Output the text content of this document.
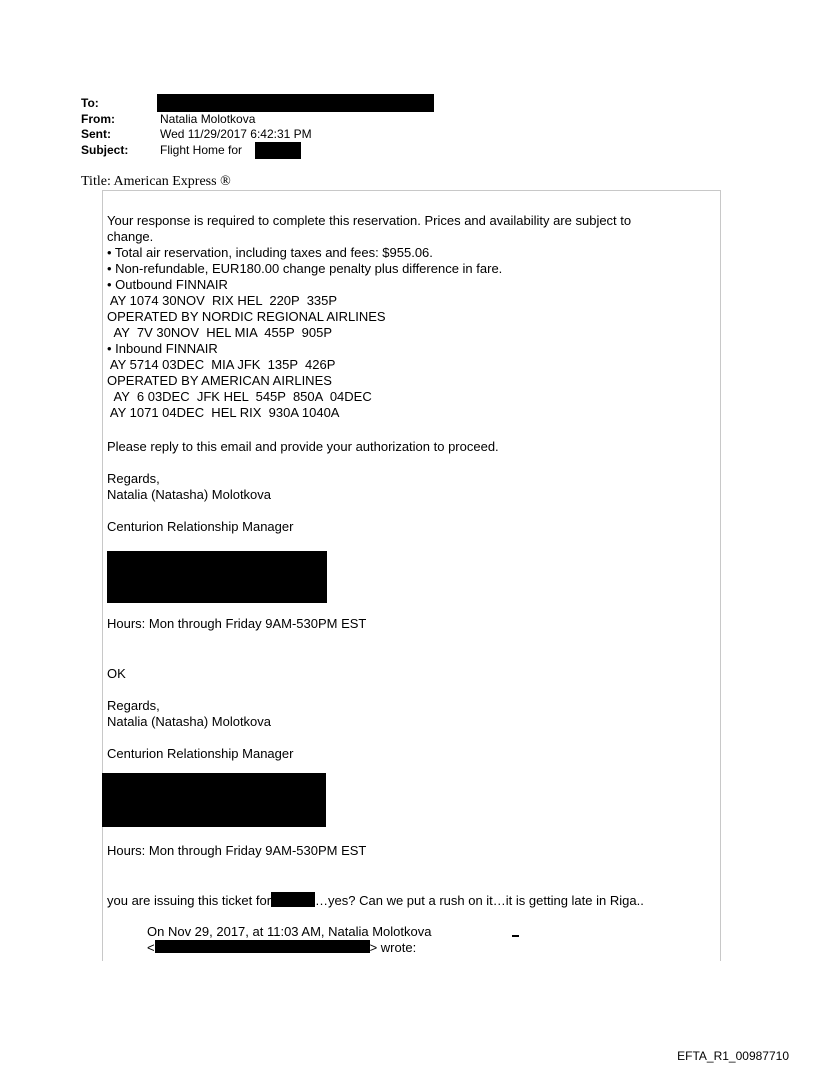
To:
From:	Natalia Molotkova
Sent:	Wed 11/29/2017 6:42:31 PM
Subject:	Flight Home for
Title: American Express ®
Your response is required to complete this reservation. Prices and availability are subject to
change.
• Total air reservation, including taxes and fees: $955.06.
• Non-refundable, EUR180.00 change penalty plus difference in fare.
• Outbound FINNAIR
AY 1074 30NOV  RIX HEL  220P  335P
OPERATED BY NORDIC REGIONAL AIRLINES
AY  7V 30NOV  HEL MIA  455P  905P
• Inbound FINNAIR
AY 5714 03DEC  MIA JFK  135P  426P
OPERATED BY AMERICAN AIRLINES
AY  6 03DEC  JFK HEL  545P  850A  04DEC
AY 1071 04DEC  HEL RIX  930A 1040A
Please reply to this email and provide your authorization to proceed.
Regards,
Natalia (Natasha) Molotkova
Centurion Relationship Manager
Hours: Mon through Friday 9AM-530PM EST
OK
Regards,
Natalia (Natasha) Molotkova
Centurion Relationship Manager
Hours: Mon through Friday 9AM-530PM EST
you are issuing this ticket for	…yes? Can we put a rush on it…it is getting late in Riga..
On Nov 29, 2017, at 11:03 AM, Natalia Molotkova
<	> wrote:
EFTA_R1_00987710
